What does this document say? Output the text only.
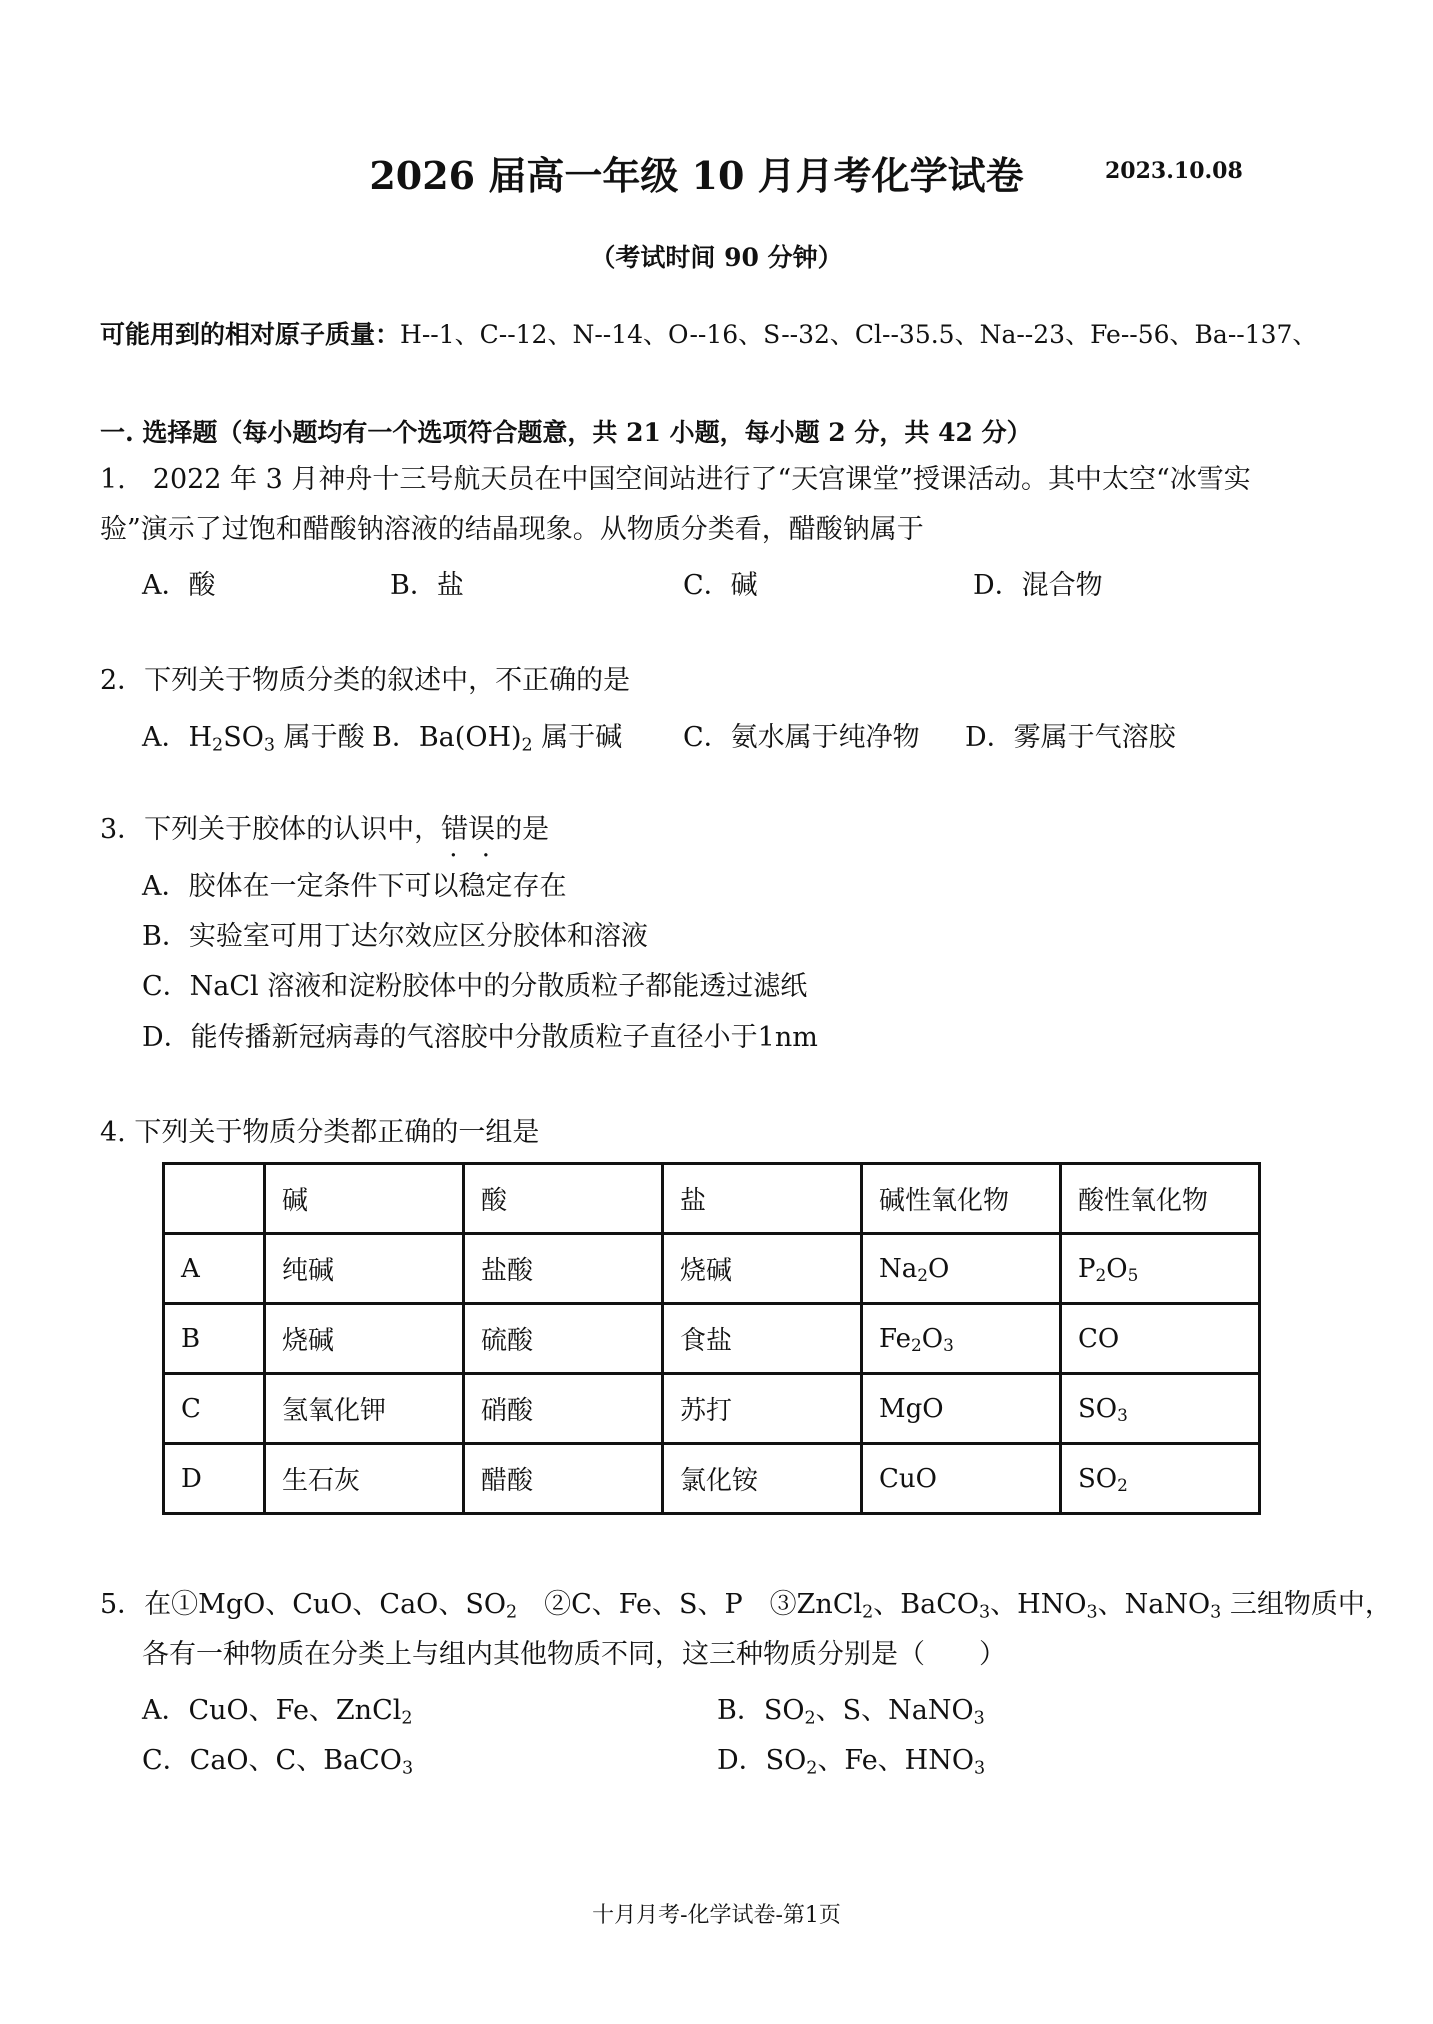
2026 届高一年级 10 月月考化学试卷	2023.10.08
（考试时间 90 分钟）
可能用到的相对原子质量：H--1、C--12、N--14、O--16、S--32、Cl--35.5、Na--23、Fe--56、Ba--137、
一. 选择题（每小题均有一个选项符合题意，共 21 小题，每小题 2 分，共 42 分）
1.　2022 年 3 月神舟十三号航天员在中国空间站进行了“天宫课堂”授课活动。其中太空“冰雪实
验”演示了过饱和醋酸钠溶液的结晶现象。从物质分类看，醋酸钠属于
A．酸	B．盐	C．碱	D．混合物
2．下列关于物质分类的叙述中，不正确的是
A．$H_2SO_3$ 属于酸 B．$Ba(OH)_2$ 属于碱 C．氨水属于纯净物 D．雾属于气溶胶
3．下列关于胶体的认识中，错误 · ·的是
A．胶体在一定条件下可以稳定存在
B．实验室可用丁达尔效应区分胶体和溶液
C．NaCl 溶液和淀粉胶体中的分散质粒子都能透过滤纸
D．能传播新冠病毒的气溶胶中分散质粒子直径小于1nm
4. 下列关于物质分类都正确的一组是
	碱	酸	盐	碱性氧化物	酸性氧化物
A	纯碱	盐酸	烧碱	$Na_2O$	$P_2O_5$
B	烧碱	硫酸	食盐	$Fe_2O_3$	CO
C	氢氧化钾	硝酸	苏打	MgO	$SO_3$
D	生石灰	醋酸	氯化铵	CuO	$SO_2$
5．在①MgO、CuO、CaO、$SO_2$　②C、Fe、S、P　③ZnCl$_2$、BaCO$_3$、$HNO_3$、NaNO$_3$ 三组物质中，
各有一种物质在分类上与组内其他物质不同，这三种物质分别是（　　）
A．CuO、Fe、ZnCl$_2$	B．$SO_2$、S、NaNO$_3$
C．CaO、C、BaCO$_3$	D．$SO_2$、Fe、$HNO_3$
十月月考-化学试卷-第1页
